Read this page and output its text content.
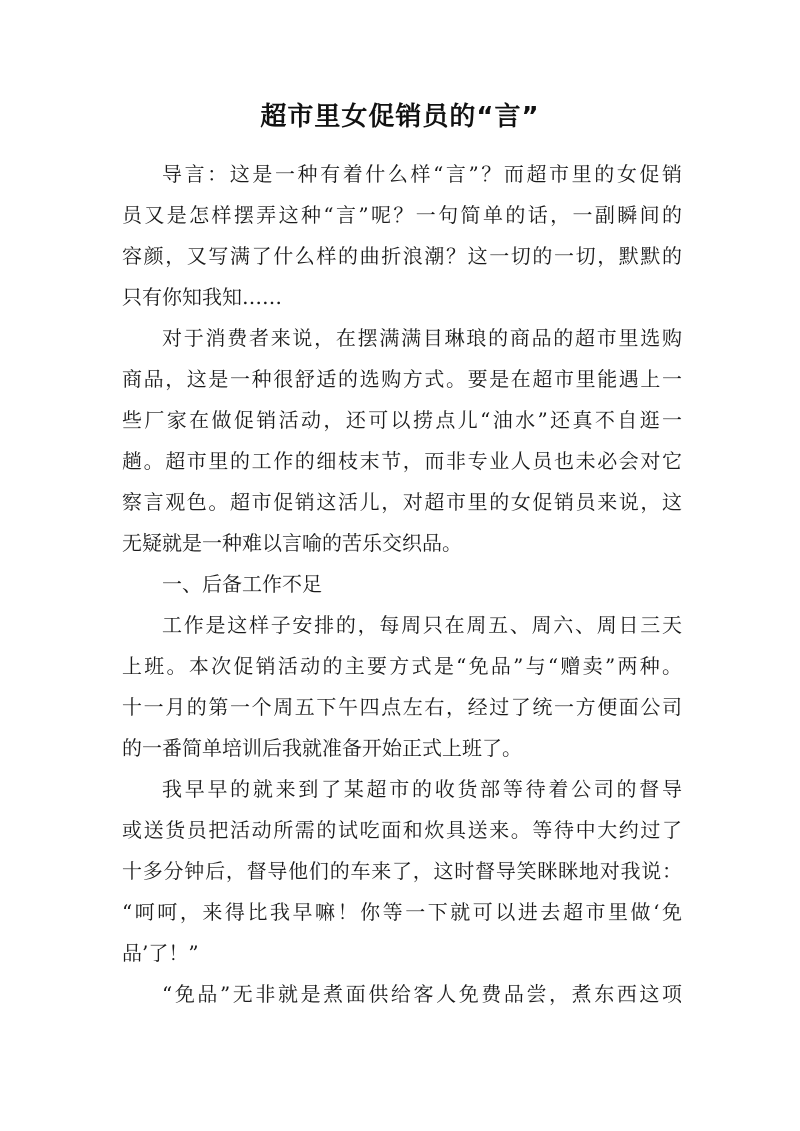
超市里女促销员的“言”
导言：这是一种有着什么样“言”？而超市里的女促销
员又是怎样摆弄这种“言”呢？一句简单的话，一副瞬间的
容颜，又写满了什么样的曲折浪潮？这一切的一切，默默的
只有你知我知……
对于消费者来说，在摆满满目琳琅的商品的超市里选购
商品，这是一种很舒适的选购方式。要是在超市里能遇上一
些厂家在做促销活动，还可以捞点儿“油水”还真不自逛一
趟。超市里的工作的细枝末节，而非专业人员也未必会对它
察言观色。超市促销这活儿，对超市里的女促销员来说，这
无疑就是一种难以言喻的苦乐交织品。
一、后备工作不足
工作是这样子安排的，每周只在周五、周六、周日三天
上班。本次促销活动的主要方式是“免品”与“赠卖”两种。
十一月的第一个周五下午四点左右，经过了统一方便面公司
的一番简单培训后我就准备开始正式上班了。
我早早的就来到了某超市的收货部等待着公司的督导
或送货员把活动所需的试吃面和炊具送来。等待中大约过了
十多分钟后，督导他们的车来了，这时督导笑眯眯地对我说：
“呵呵，来得比我早嘛！你等一下就可以进去超市里做‘免
品’了！”
“免品”无非就是煮面供给客人免费品尝，煮东西这项
